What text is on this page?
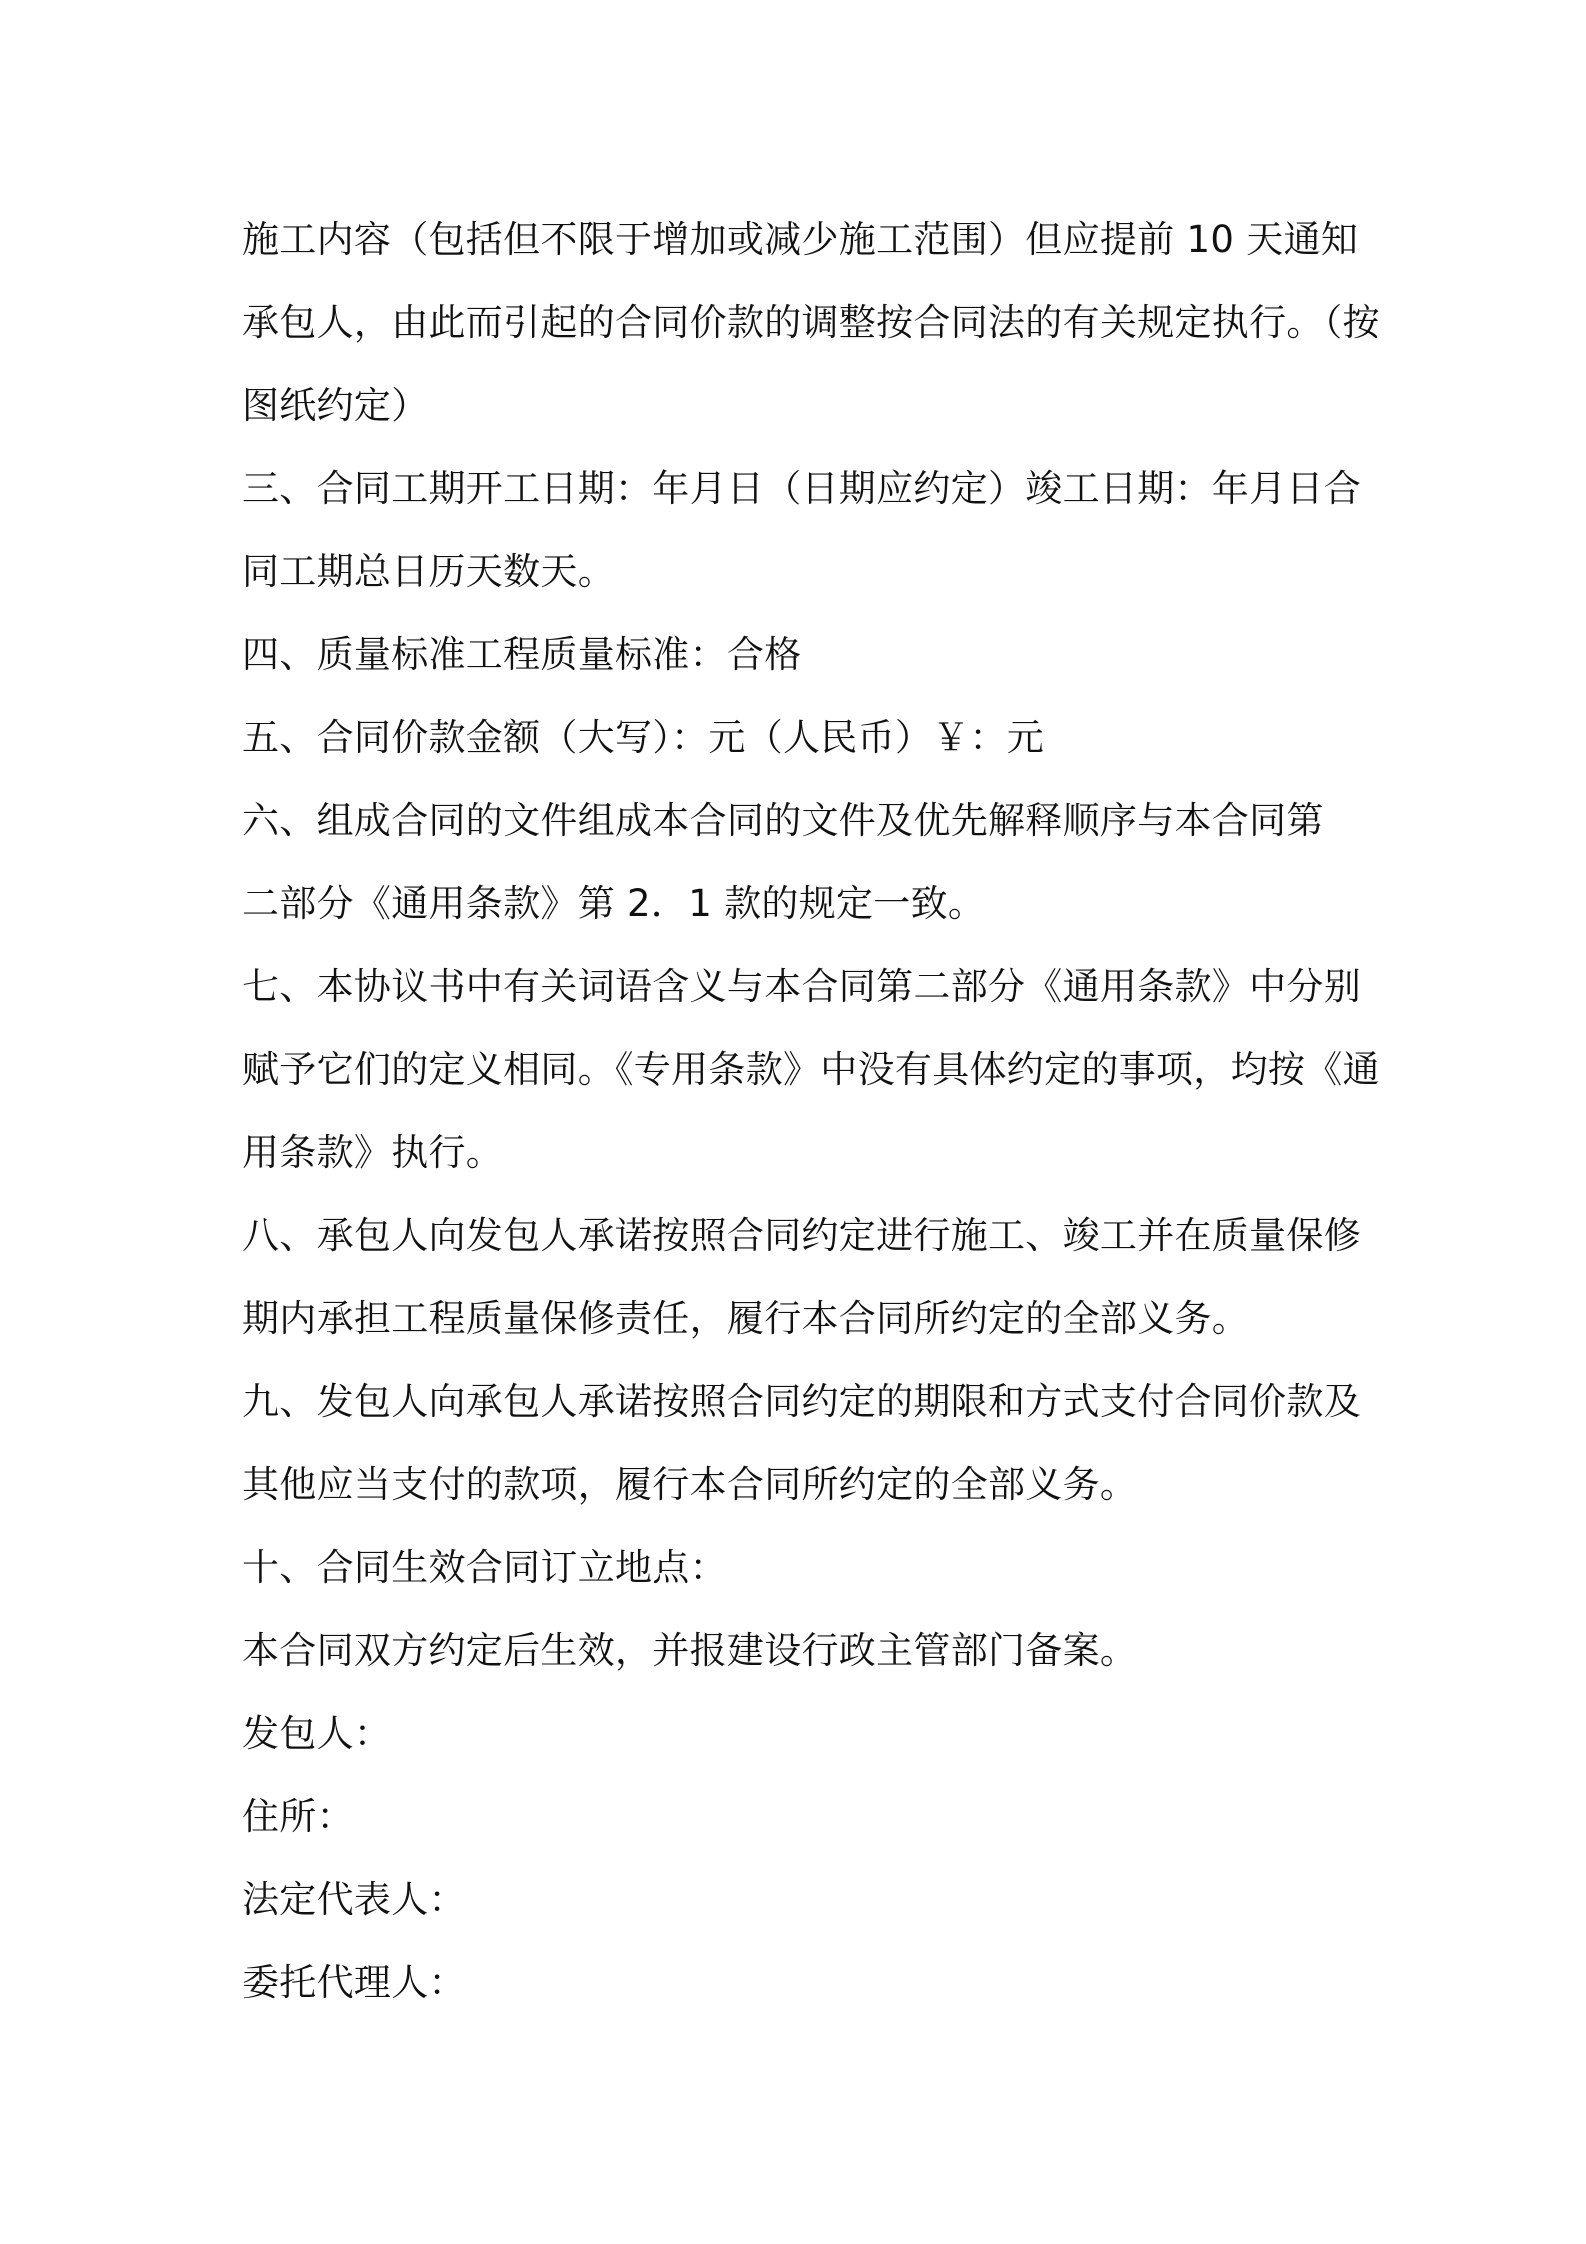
施工内容（包括但不限于增加或减少施工范围）但应提前 10 天通知

承包人，由此而引起的合同价款的调整按合同法的有关规定执行。（按

图纸约定）

三、合同工期开工日期：年月日（日期应约定）竣工日期：年月日合

同工期总日历天数天。

四、质量标准工程质量标准：合格

五、合同价款金额（大写）：元（人民币）￥：元

六、组成合同的文件组成本合同的文件及优先解释顺序与本合同第

二部分《通用条款》第 2．1 款的规定一致。

七、本协议书中有关词语含义与本合同第二部分《通用条款》中分别

赋予它们的定义相同。《专用条款》中没有具体约定的事项，均按《通

用条款》执行。

八、承包人向发包人承诺按照合同约定进行施工、竣工并在质量保修

期内承担工程质量保修责任，履行本合同所约定的全部义务。

九、发包人向承包人承诺按照合同约定的期限和方式支付合同价款及

其他应当支付的款项，履行本合同所约定的全部义务。

十、合同生效合同订立地点：

本合同双方约定后生效，并报建设行政主管部门备案。

发包人：

住所：

法定代表人：

委托代理人：
